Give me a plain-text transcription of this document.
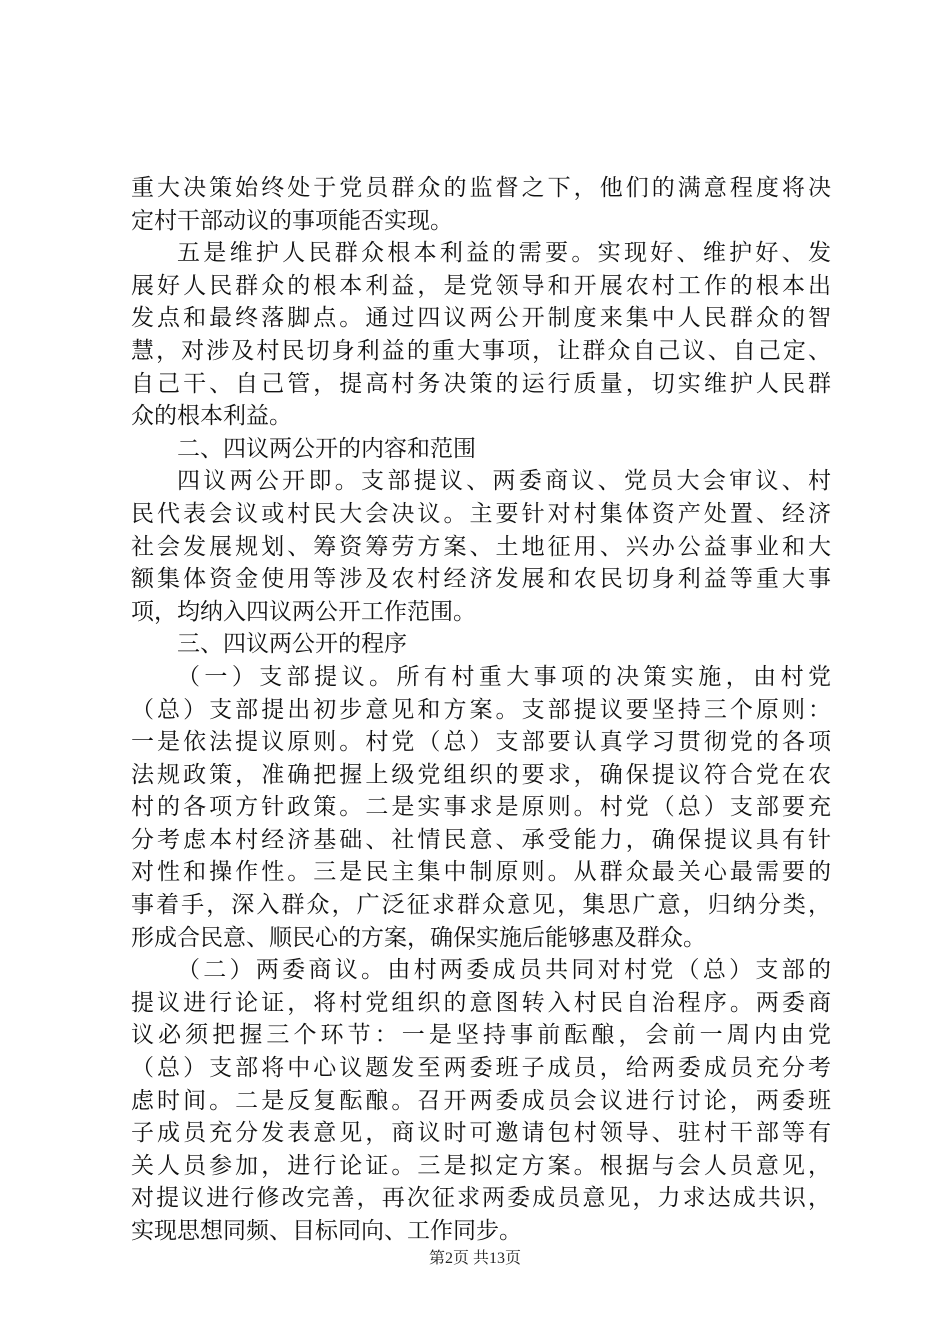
重大决策始终处于党员群众的监督之下，他们的满意程度将决
定村干部动议的事项能否实现。
五是维护人民群众根本利益的需要。实现好、维护好、发
展好人民群众的根本利益，是党领导和开展农村工作的根本出
发点和最终落脚点。通过四议两公开制度来集中人民群众的智
慧，对涉及村民切身利益的重大事项，让群众自己议、自己定、
自己干、自己管，提高村务决策的运行质量，切实维护人民群
众的根本利益。
二、四议两公开的内容和范围
四议两公开即。支部提议、两委商议、党员大会审议、村
民代表会议或村民大会决议。主要针对村集体资产处置、经济
社会发展规划、筹资筹劳方案、土地征用、兴办公益事业和大
额集体资金使用等涉及农村经济发展和农民切身利益等重大事
项，均纳入四议两公开工作范围。
三、四议两公开的程序
（一）支部提议。所有村重大事项的决策实施，由村党
（总）支部提出初步意见和方案。支部提议要坚持三个原则：
一是依法提议原则。村党（总）支部要认真学习贯彻党的各项
法规政策，准确把握上级党组织的要求，确保提议符合党在农
村的各项方针政策。二是实事求是原则。村党（总）支部要充
分考虑本村经济基础、社情民意、承受能力，确保提议具有针
对性和操作性。三是民主集中制原则。从群众最关心最需要的
事着手，深入群众，广泛征求群众意见，集思广意，归纳分类，
形成合民意、顺民心的方案，确保实施后能够惠及群众。
（二）两委商议。由村两委成员共同对村党（总）支部的
提议进行论证，将村党组织的意图转入村民自治程序。两委商
议必须把握三个环节：一是坚持事前酝酿，会前一周内由党
（总）支部将中心议题发至两委班子成员，给两委成员充分考
虑时间。二是反复酝酿。召开两委成员会议进行讨论，两委班
子成员充分发表意见，商议时可邀请包村领导、驻村干部等有
关人员参加，进行论证。三是拟定方案。根据与会人员意见，
对提议进行修改完善，再次征求两委成员意见，力求达成共识，
实现思想同频、目标同向、工作同步。
第2页 共13页
